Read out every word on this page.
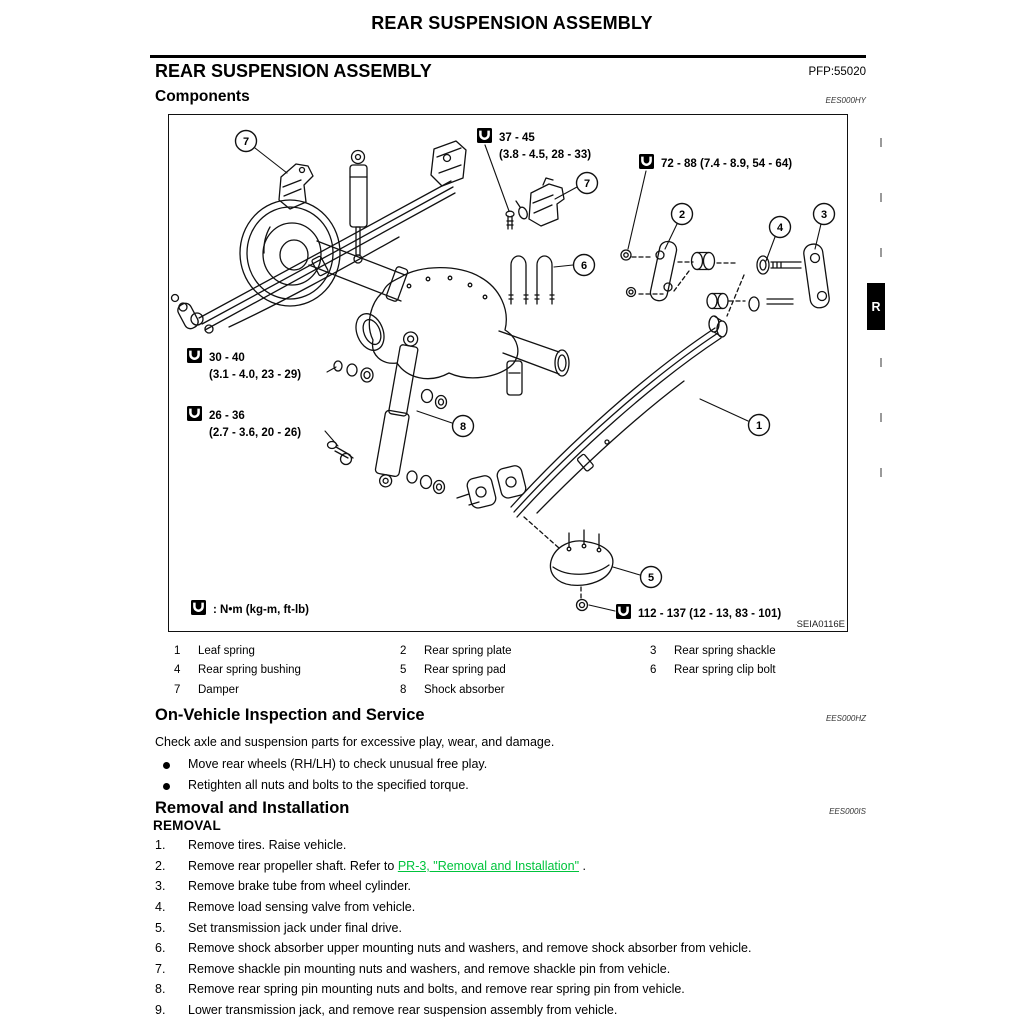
REAR SUSPENSION ASSEMBLY
REAR SUSPENSION ASSEMBLY	PFP:55020
Components	EES000HY
R
7
7
2
4
3
6
8	1
5
37 - 45
(3.8 - 4.5, 28 - 33)
72 - 88 (7.4 - 8.9, 54 - 64)
30 - 40
(3.1 - 4.0, 23 - 29)
26 - 36
(2.7 - 3.6, 20 - 26)
112 - 137 (12 - 13, 83 - 101)
: N•m (kg-m, ft-lb)
SEIA0116E
1	Leaf spring	2	Rear spring plate	3	Rear spring shackle
4	Rear spring bushing	5	Rear spring pad	6	Rear spring clip bolt
7	Damper	8	Shock absorber
On-Vehicle Inspection and Service	EES000HZ
Check axle and suspension parts for excessive play, wear, and damage.
Move rear wheels (RH/LH) to check unusual free play.
Retighten all nuts and bolts to the specified torque.
Removal and Installation	EES000IS
REMOVAL
1.	Remove tires. Raise vehicle.
2.	Remove rear propeller shaft. Refer to PR-3, "Removal and Installation" .
3.	Remove brake tube from wheel cylinder.
4.	Remove load sensing valve from vehicle.
5.	Set transmission jack under final drive.
6.	Remove shock absorber upper mounting nuts and washers, and remove shock absorber from vehicle.
7.	Remove shackle pin mounting nuts and washers, and remove shackle pin from vehicle.
8.	Remove rear spring pin mounting nuts and bolts, and remove rear spring pin from vehicle.
9.	Lower transmission jack, and remove rear suspension assembly from vehicle.
